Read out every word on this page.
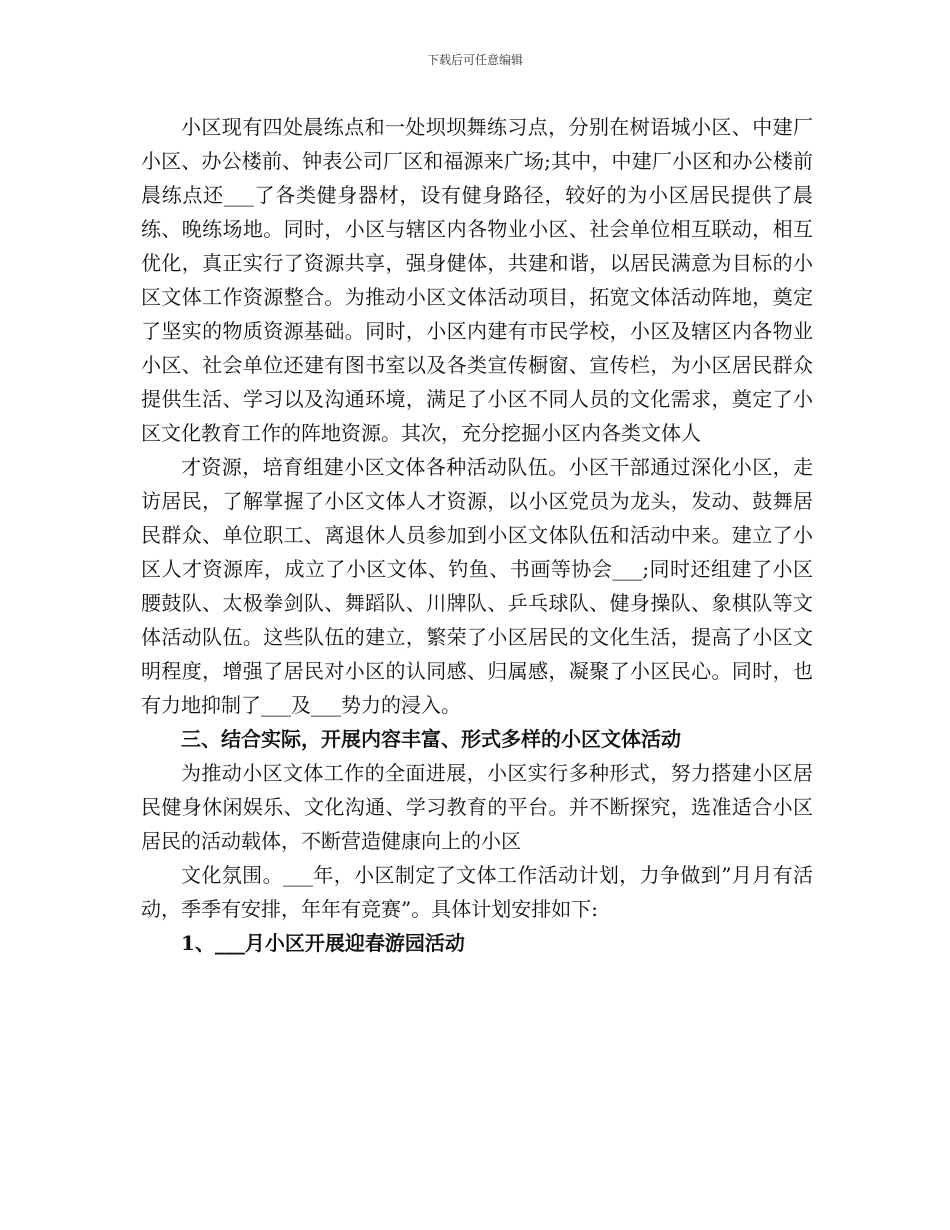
下载后可任意编辑

小区现有四处晨练点和一处坝坝舞练习点，分别在树语城小区、中建厂小区、办公楼前、钟表公司厂区和福源来广场;其中，中建厂小区和办公楼前晨练点还___了各类健身器材，设有健身路径，较好的为小区居民提供了晨练、晚练场地。同时，小区与辖区内各物业小区、社会单位相互联动，相互优化，真正实行了资源共享，强身健体，共建和谐，以居民满意为目标的小区文体工作资源整合。为推动小区文体活动项目，拓宽文体活动阵地，奠定了坚实的物质资源基础。同时，小区内建有市民学校，小区及辖区内各物业小区、社会单位还建有图书室以及各类宣传橱窗、宣传栏，为小区居民群众提供生活、学习以及沟通环境，满足了小区不同人员的文化需求，奠定了小区文化教育工作的阵地资源。其次，充分挖掘小区内各类文体人

才资源，培育组建小区文体各种活动队伍。小区干部通过深化小区，走访居民，了解掌握了小区文体人才资源，以小区党员为龙头，发动、鼓舞居民群众、单位职工、离退休人员参加到小区文体队伍和活动中来。建立了小区人才资源库，成立了小区文体、钓鱼、书画等协会___;同时还组建了小区腰鼓队、太极拳剑队、舞蹈队、川牌队、乒乓球队、健身操队、象棋队等文体活动队伍。这些队伍的建立，繁荣了小区居民的文化生活，提高了小区文明程度，增强了居民对小区的认同感、归属感，凝聚了小区民心。同时，也有力地抑制了___及___势力的浸入。

三、结合实际，开展内容丰富、形式多样的小区文体活动

为推动小区文体工作的全面进展，小区实行多种形式，努力搭建小区居民健身休闲娱乐、文化沟通、学习教育的平台。并不断探究，选准适合小区居民的活动载体，不断营造健康向上的小区

文化氛围。___年，小区制定了文体工作活动计划，力争做到”月月有活动，季季有安排，年年有竞赛”。具体计划安排如下:

1、___月小区开展迎春游园活动
